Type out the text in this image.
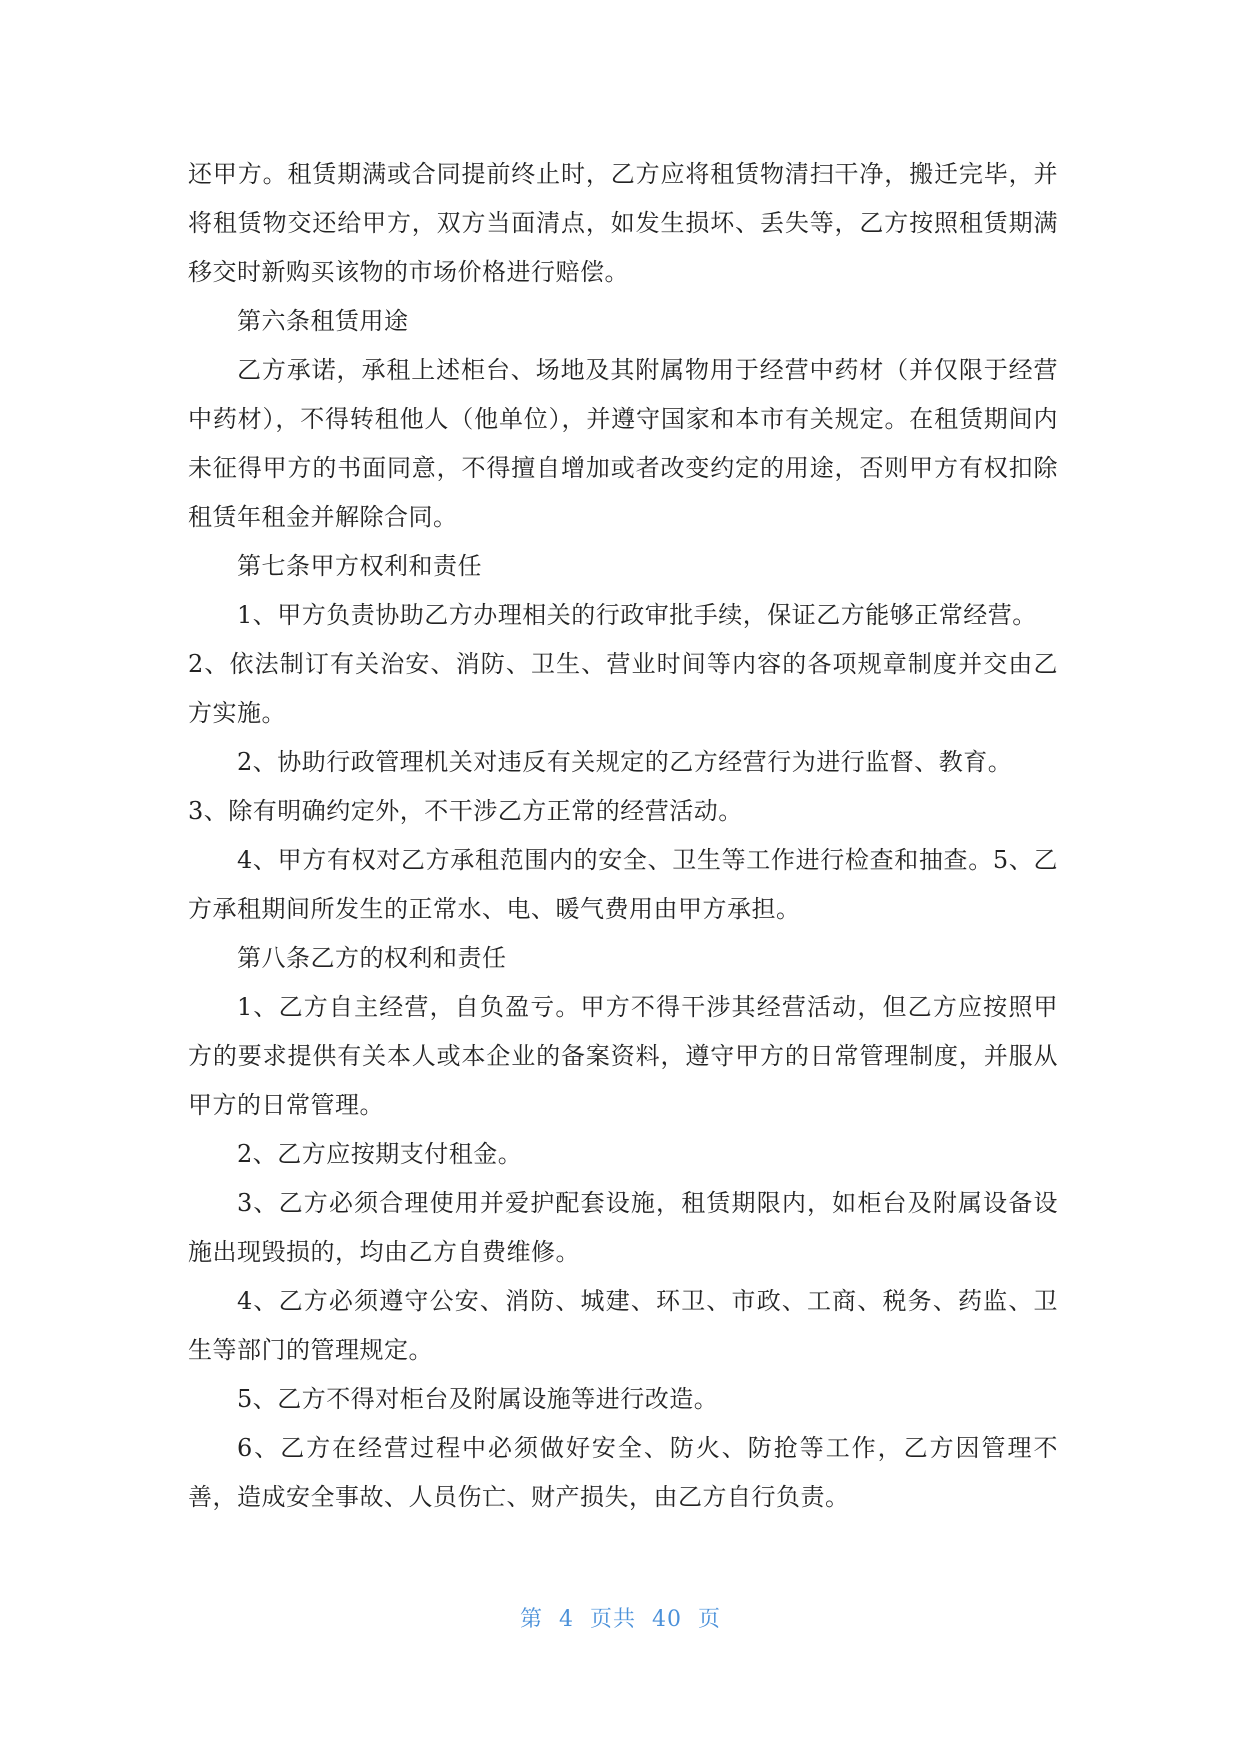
还甲方。租赁期满或合同提前终止时，乙方应将租赁物清扫干净，搬迁完毕，并将租赁物交还给甲方，双方当面清点，如发生损坏、丢失等，乙方按照租赁期满移交时新购买该物的市场价格进行赔偿。

第六条租赁用途

乙方承诺，承租上述柜台、场地及其附属物用于经营中药材（并仅限于经营中药材），不得转租他人（他单位），并遵守国家和本市有关规定。在租赁期间内未征得甲方的书面同意，不得擅自增加或者改变约定的用途，否则甲方有权扣除租赁年租金并解除合同。

第七条甲方权利和责任

1、甲方负责协助乙方办理相关的行政审批手续，保证乙方能够正常经营。

2、依法制订有关治安、消防、卫生、营业时间等内容的各项规章制度并交由乙方实施。

2、协助行政管理机关对违反有关规定的乙方经营行为进行监督、教育。

3、除有明确约定外，不干涉乙方正常的经营活动。

4、甲方有权对乙方承租范围内的安全、卫生等工作进行检查和抽查。5、乙方承租期间所发生的正常水、电、暖气费用由甲方承担。

第八条乙方的权利和责任

1、乙方自主经营，自负盈亏。甲方不得干涉其经营活动，但乙方应按照甲方的要求提供有关本人或本企业的备案资料，遵守甲方的日常管理制度，并服从甲方的日常管理。

2、乙方应按期支付租金。

3、乙方必须合理使用并爱护配套设施，租赁期限内，如柜台及附属设备设施出现毁损的，均由乙方自费维修。

4、乙方必须遵守公安、消防、城建、环卫、市政、工商、税务、药监、卫生等部门的管理规定。

5、乙方不得对柜台及附属设施等进行改造。

6、乙方在经营过程中必须做好安全、防火、防抢等工作，乙方因管理不善，造成安全事故、人员伤亡、财产损失，由乙方自行负责。

第 4 页共 40 页
